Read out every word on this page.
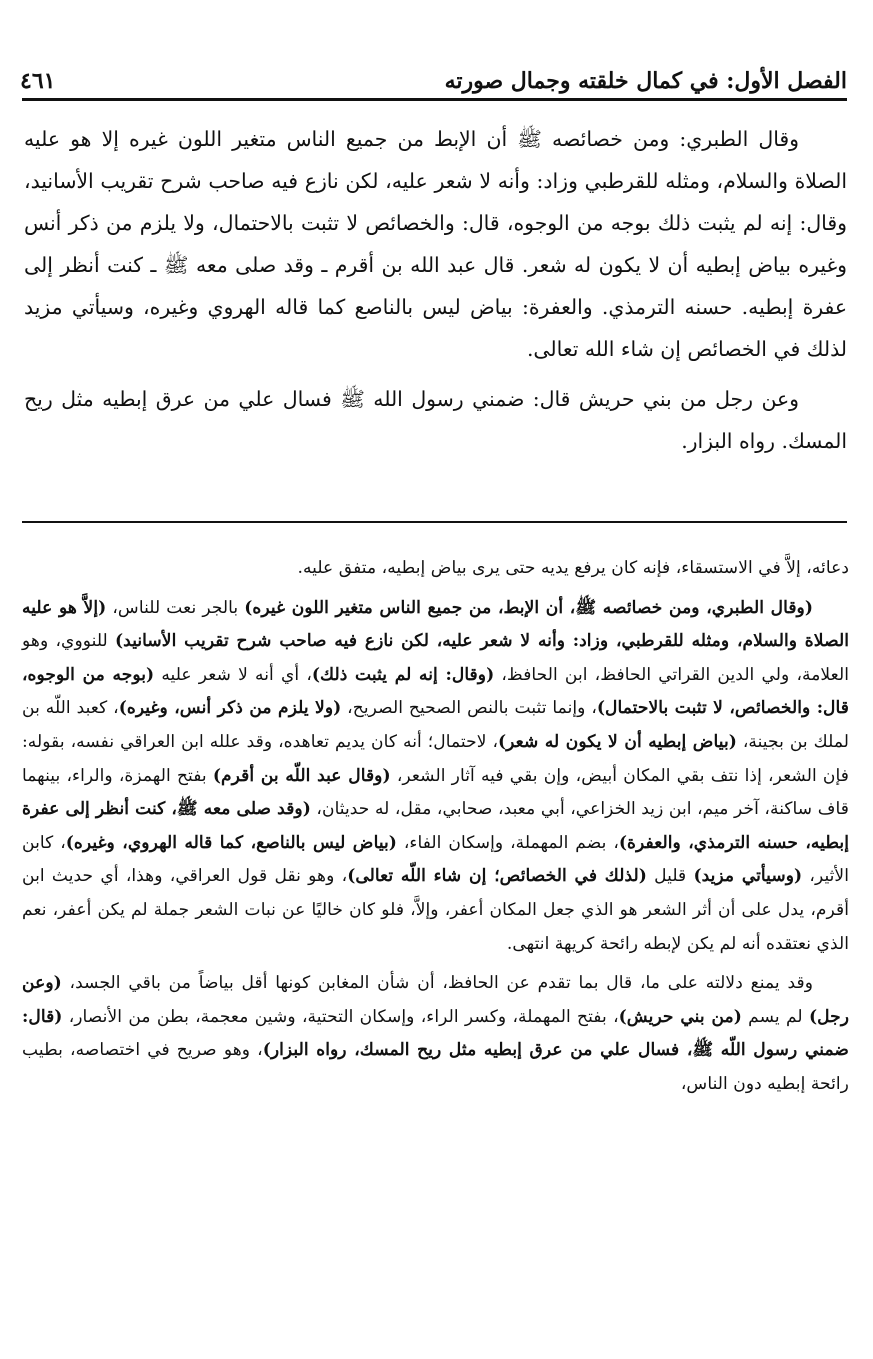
الفصل الأول: في كمال خلقته وجمال صورته
٤٦١

وقال الطبري: ومن خصائصه ﷺ أن الإبط من جميع الناس متغير اللون غيره إلا هو عليه الصلاة والسلام، ومثله للقرطبي وزاد: وأنه لا شعر عليه، لكن نازع فيه صاحب شرح تقريب الأسانيد، وقال: إنه لم يثبت ذلك بوجه من الوجوه، قال: والخصائص لا تثبت بالاحتمال، ولا يلزم من ذكر أنس وغيره بياض إبطيه أن لا يكون له شعر. قال عبد الله بن أقرم ـ وقد صلى معه ﷺ ـ كنت أنظر إلى عفرة إبطيه. حسنه الترمذي. والعفرة: بياض ليس بالناصع كما قاله الهروي وغيره، وسيأتي مزيد لذلك في الخصائص إن شاء الله تعالى.

وعن رجل من بني حريش قال: ضمني رسول الله ﷺ فسال علي من عرق إبطيه مثل ريح المسك. رواه البزار.

دعائه، إلاَّ في الاستسقاء، فإنه كان يرفع يديه حتى يرى بياض إبطيه، متفق عليه.

(وقال الطبري، ومن خصائصه ﷺ، أن الإبط، من جميع الناس متغير اللون غيره) بالجر نعت للناس، (إلاَّ هو عليه الصلاة والسلام، ومثله للقرطبي، وزاد: وأنه لا شعر عليه، لكن نازع فيه صاحب شرح تقريب الأسانيد) للنووي، وهو العلامة، ولي الدين القراتي الحافظ، ابن الحافظ، (وقال: إنه لم يثبت ذلك)، أي أنه لا شعر عليه (بوجه من الوجوه، قال: والخصائص، لا تثبت بالاحتمال)، وإنما تثبت بالنص الصحيح الصريح، (ولا يلزم من ذكر أنس، وغيره)، كعبد اللّه بن لملك بن بجينة، (بياض إبطيه أن لا يكون له شعر)، لاحتمال؛ أنه كان يديم تعاهده، وقد علله ابن العراقي نفسه، بقوله: فإن الشعر، إذا نتف بقي المكان أبيض، وإن بقي فيه آثار الشعر، (وقال عبد اللّه بن أقرم) بفتح الهمزة، والراء، بينهما قاف ساكنة، آخر ميم، ابن زيد الخزاعي، أبي معبد، صحابي، مقل، له حديثان، (وقد صلى معه ﷺ، كنت أنظر إلى عفرة إبطيه، حسنه الترمذي، والعفرة)، بضم المهملة، وإسكان الفاء، (بياض ليس بالناصع، كما قاله الهروي، وغيره)، كابن الأثير، (وسيأتي مزيد) قليل (لذلك في الخصائص؛ إن شاء اللّه تعالى)، وهو نقل قول العراقي، وهذا، أي حديث ابن أقرم، يدل على أن أثر الشعر هو الذي جعل المكان أعفر، وإلاَّ، فلو كان خاليًا عن نبات الشعر جملة لم يكن أعفر، نعم الذي نعتقده أنه لم يكن لإبطه رائحة كريهة انتهى.

وقد يمنع دلالته على ما، قال بما تقدم عن الحافظ، أن شأن المغابن كونها أقل بياضاً من باقي الجسد، (وعن رجل) لم يسم (من بني حريش)، بفتح المهملة، وكسر الراء، وإسكان التحتية، وشين معجمة، بطن من الأنصار، (قال: ضمني رسول اللّه ﷺ، فسال علي من عرق إبطيه مثل ريح المسك، رواه البزار)، وهو صريح في اختصاصه، بطيب رائحة إبطيه دون الناس،
